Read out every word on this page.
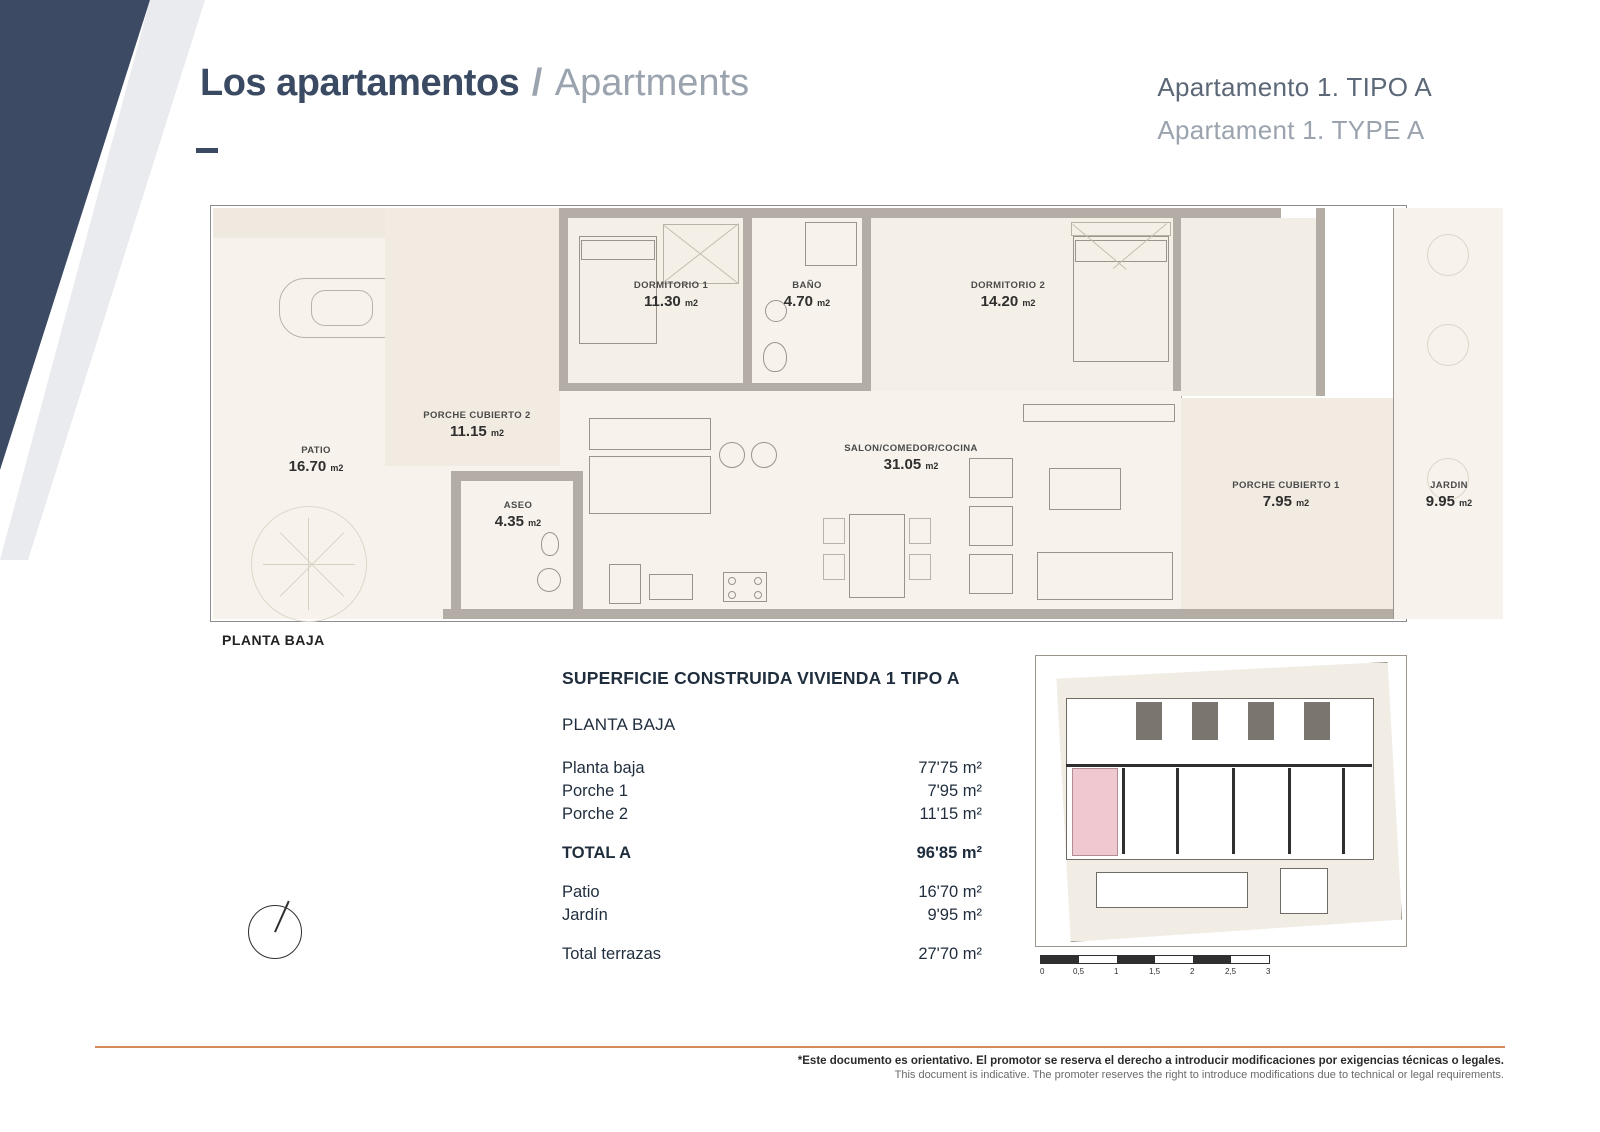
Los apartamentos / Apartments	Apartamento 1. TIPO A
Apartament 1. TYPE A
PATIO
16.70 m2
PORCHE CUBIERTO 2
11.15 m2
DORMITORIO 1
11.30 m2
BAÑO
4.70 m2
DORMITORIO 2
14.20 m2
ASEO
4.35 m2
SALON/COMEDOR/COCINA
31.05 m2
PORCHE CUBIERTO 1
7.95 m2
JARDIN
9.95 m2
PLANTA BAJA
SUPERFICIE CONSTRUIDA VIVIENDA 1 TIPO A
PLANTA BAJA
Planta baja	77'75 m²
Porche 1	7'95 m²
Porche 2	11'15 m²
TOTAL A	96'85 m²
Patio	16'70 m²
Jardín	9'95 m²
Total terrazas	27'70 m²
0	0,5	1	1,5	2	2,5	3
*Este documento es orientativo. El promotor se reserva el derecho a introducir modificaciones por exigencias técnicas o legales.
This document is indicative. The promoter reserves the right to introduce modifications due to technical or legal requirements.
